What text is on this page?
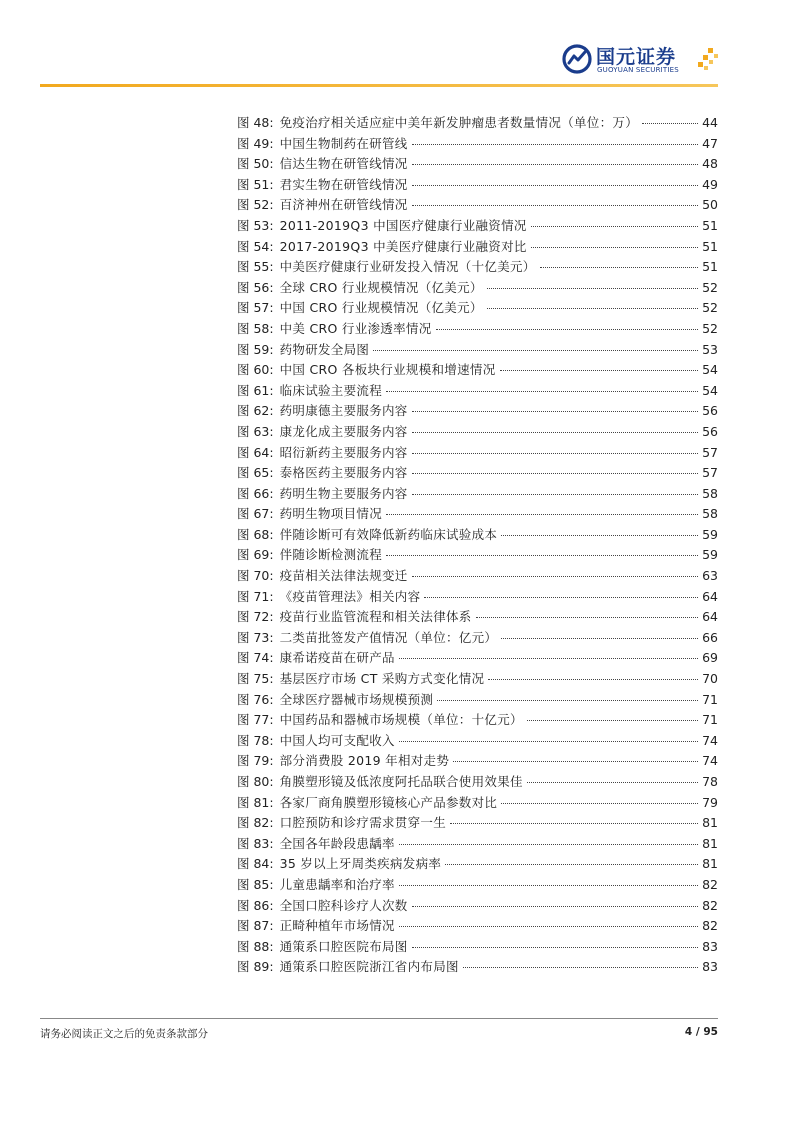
国元证券
GUOYUAN SECURITIES
图 48: 免疫治疗相关适应症中美年新发肿瘤患者数量情况（单位：万）	44
图 49: 中国生物制药在研管线	47
图 50: 信达生物在研管线情况	48
图 51: 君实生物在研管线情况	49
图 52: 百济神州在研管线情况	50
图 53: 2011-2019Q3 中国医疗健康行业融资情况	51
图 54: 2017-2019Q3 中美医疗健康行业融资对比	51
图 55: 中美医疗健康行业研发投入情况（十亿美元）	51
图 56: 全球 CRO 行业规模情况（亿美元）	52
图 57: 中国 CRO 行业规模情况（亿美元）	52
图 58: 中美 CRO 行业渗透率情况	52
图 59: 药物研发全局图	53
图 60: 中国 CRO 各板块行业规模和增速情况	54
图 61: 临床试验主要流程	54
图 62: 药明康德主要服务内容	56
图 63: 康龙化成主要服务内容	56
图 64: 昭衍新药主要服务内容	57
图 65: 泰格医药主要服务内容	57
图 66: 药明生物主要服务内容	58
图 67: 药明生物项目情况	58
图 68: 伴随诊断可有效降低新药临床试验成本	59
图 69: 伴随诊断检测流程	59
图 70: 疫苗相关法律法规变迁	63
图 71: 《疫苗管理法》相关内容	64
图 72: 疫苗行业监管流程和相关法律体系	64
图 73: 二类苗批签发产值情况（单位：亿元）	66
图 74: 康希诺疫苗在研产品	69
图 75: 基层医疗市场 CT 采购方式变化情况	70
图 76: 全球医疗器械市场规模预测	71
图 77: 中国药品和器械市场规模（单位：十亿元）	71
图 78: 中国人均可支配收入	74
图 79: 部分消费股 2019 年相对走势	74
图 80: 角膜塑形镜及低浓度阿托品联合使用效果佳	78
图 81: 各家厂商角膜塑形镜核心产品参数对比	79
图 82: 口腔预防和诊疗需求贯穿一生	81
图 83: 全国各年龄段患龋率	81
图 84: 35 岁以上牙周类疾病发病率	81
图 85: 儿童患龋率和治疗率	82
图 86: 全国口腔科诊疗人次数	82
图 87: 正畸种植年市场情况	82
图 88: 通策系口腔医院布局图	83
图 89: 通策系口腔医院浙江省内布局图	83
请务必阅读正文之后的免责条款部分	4 / 95
